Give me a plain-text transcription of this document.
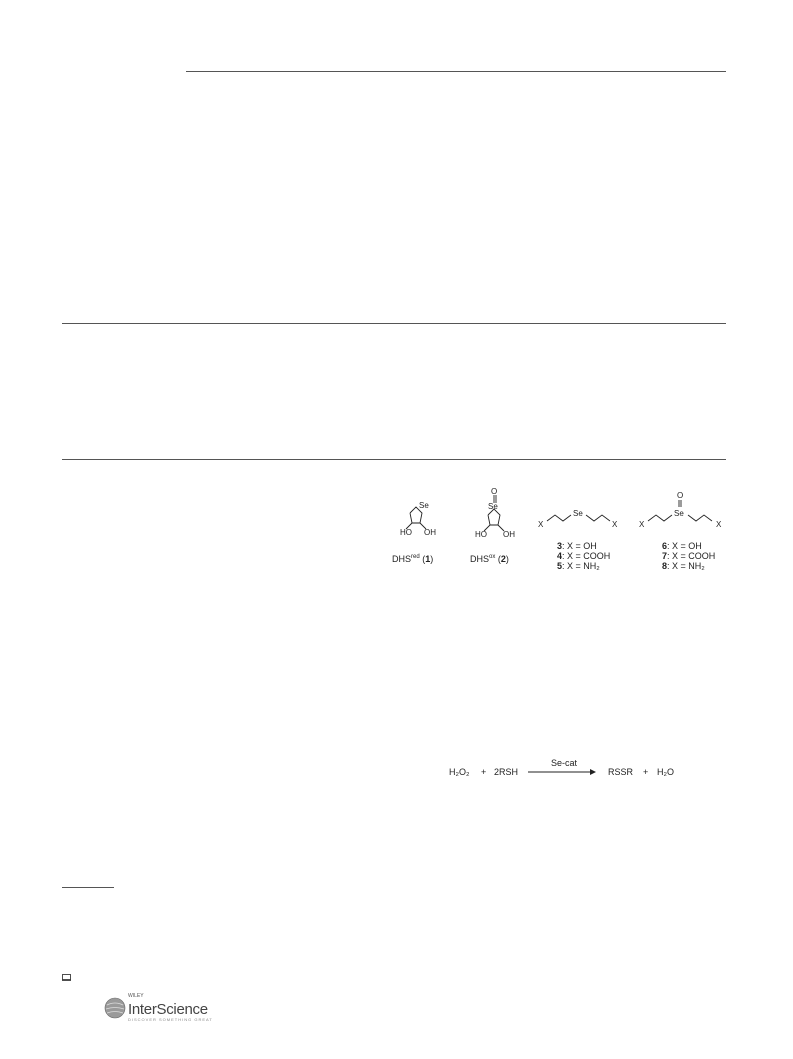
Se
HO OH
O
Se
HO OH
X
Se
X
O
X
Se
X
$DHS^{red}$ (1)	$DHS^{ox}$ (2)
3: X = OH
4: X = COOH
5: X = NH₂
6: X = OH
7: X = COOH
8: X = NH₂
H₂O₂ + 2RSH
Se-cat
RSSR + H₂O
WILEY
InterScience
DISCOVER SOMETHING GREAT
